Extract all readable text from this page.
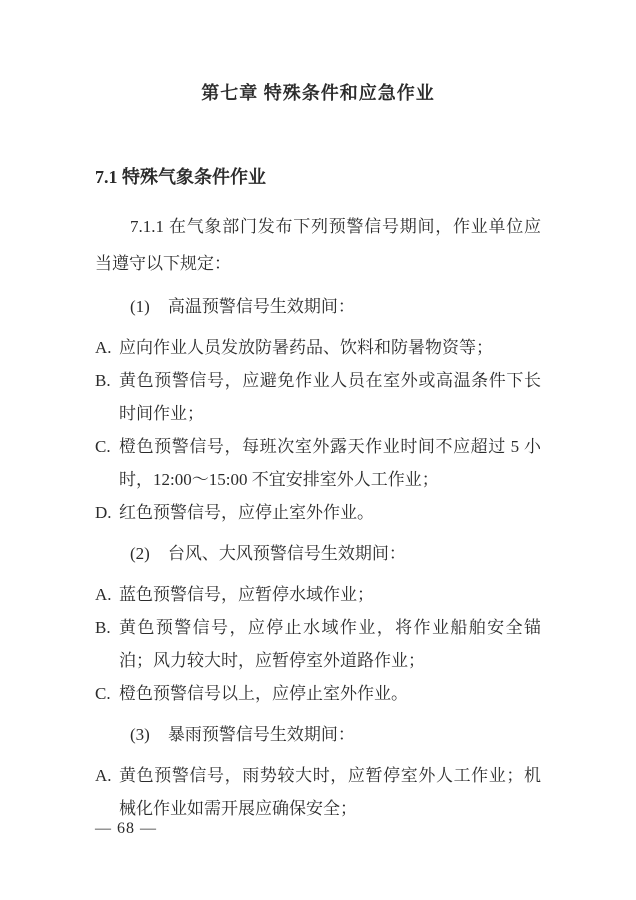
第七章 特殊条件和应急作业
7.1 特殊气象条件作业

7.1.1 在气象部门发布下列预警信号期间，作业单位应当遵守以下规定：

(1) 高温预警信号生效期间：

A. 应向作业人员发放防暑药品、饮料和防暑物资等；
B. 黄色预警信号，应避免作业人员在室外或高温条件下长时间作业；
C. 橙色预警信号，每班次室外露天作业时间不应超过 5 小时，12:00～15:00 不宜安排室外人工作业；
D. 红色预警信号，应停止室外作业。

(2) 台风、大风预警信号生效期间：

A. 蓝色预警信号，应暂停水域作业；
B. 黄色预警信号，应停止水域作业，将作业船舶安全锚泊；风力较大时，应暂停室外道路作业；
C. 橙色预警信号以上，应停止室外作业。

(3) 暴雨预警信号生效期间：

A. 黄色预警信号，雨势较大时，应暂停室外人工作业；机械化作业如需开展应确保安全；
— 68 —
